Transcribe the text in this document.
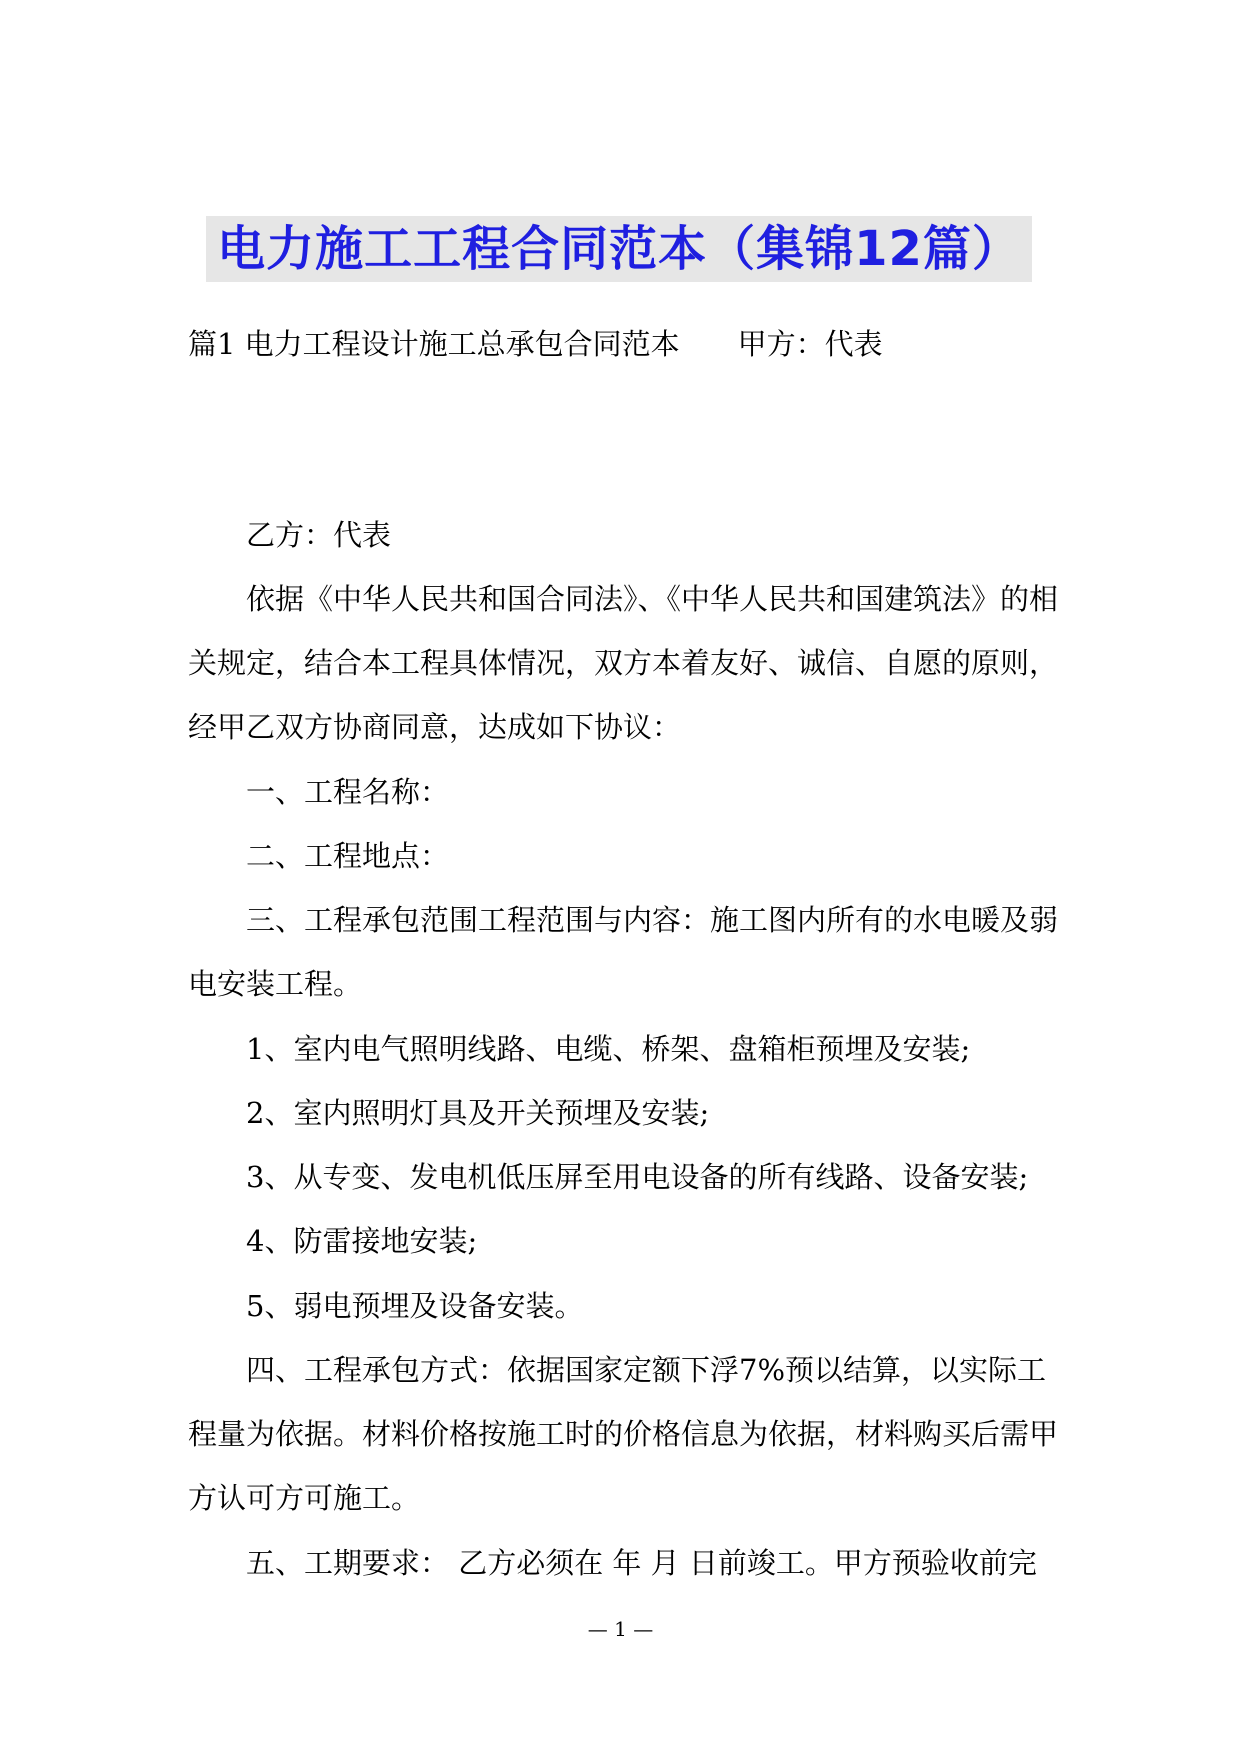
电力施工工程合同范本（集锦12篇）
篇1 电力工程设计施工总承包合同范本 甲方：代表
乙方：代表
依据《中华人民共和国合同法》、《中华人民共和国建筑法》的相
关规定，结合本工程具体情况，双方本着友好、诚信、自愿的原则，
经甲乙双方协商同意，达成如下协议：
一、工程名称：
二、工程地点：
三、工程承包范围工程范围与内容：施工图内所有的水电暖及弱
电安装工程。
1、室内电气照明线路、电缆、桥架、盘箱柜预埋及安装;
2、室内照明灯具及开关预埋及安装;
3、从专变、发电机低压屏至用电设备的所有线路、设备安装;
4、防雷接地安装;
5、弱电预埋及设备安装。
四、工程承包方式：依据国家定额下浮7%预以结算，以实际工
程量为依据。材料价格按施工时的价格信息为依据，材料购买后需甲
方认可方可施工。
五、工期要求： 乙方必须在 年 月 日前竣工。甲方预验收前完
— 1 —
